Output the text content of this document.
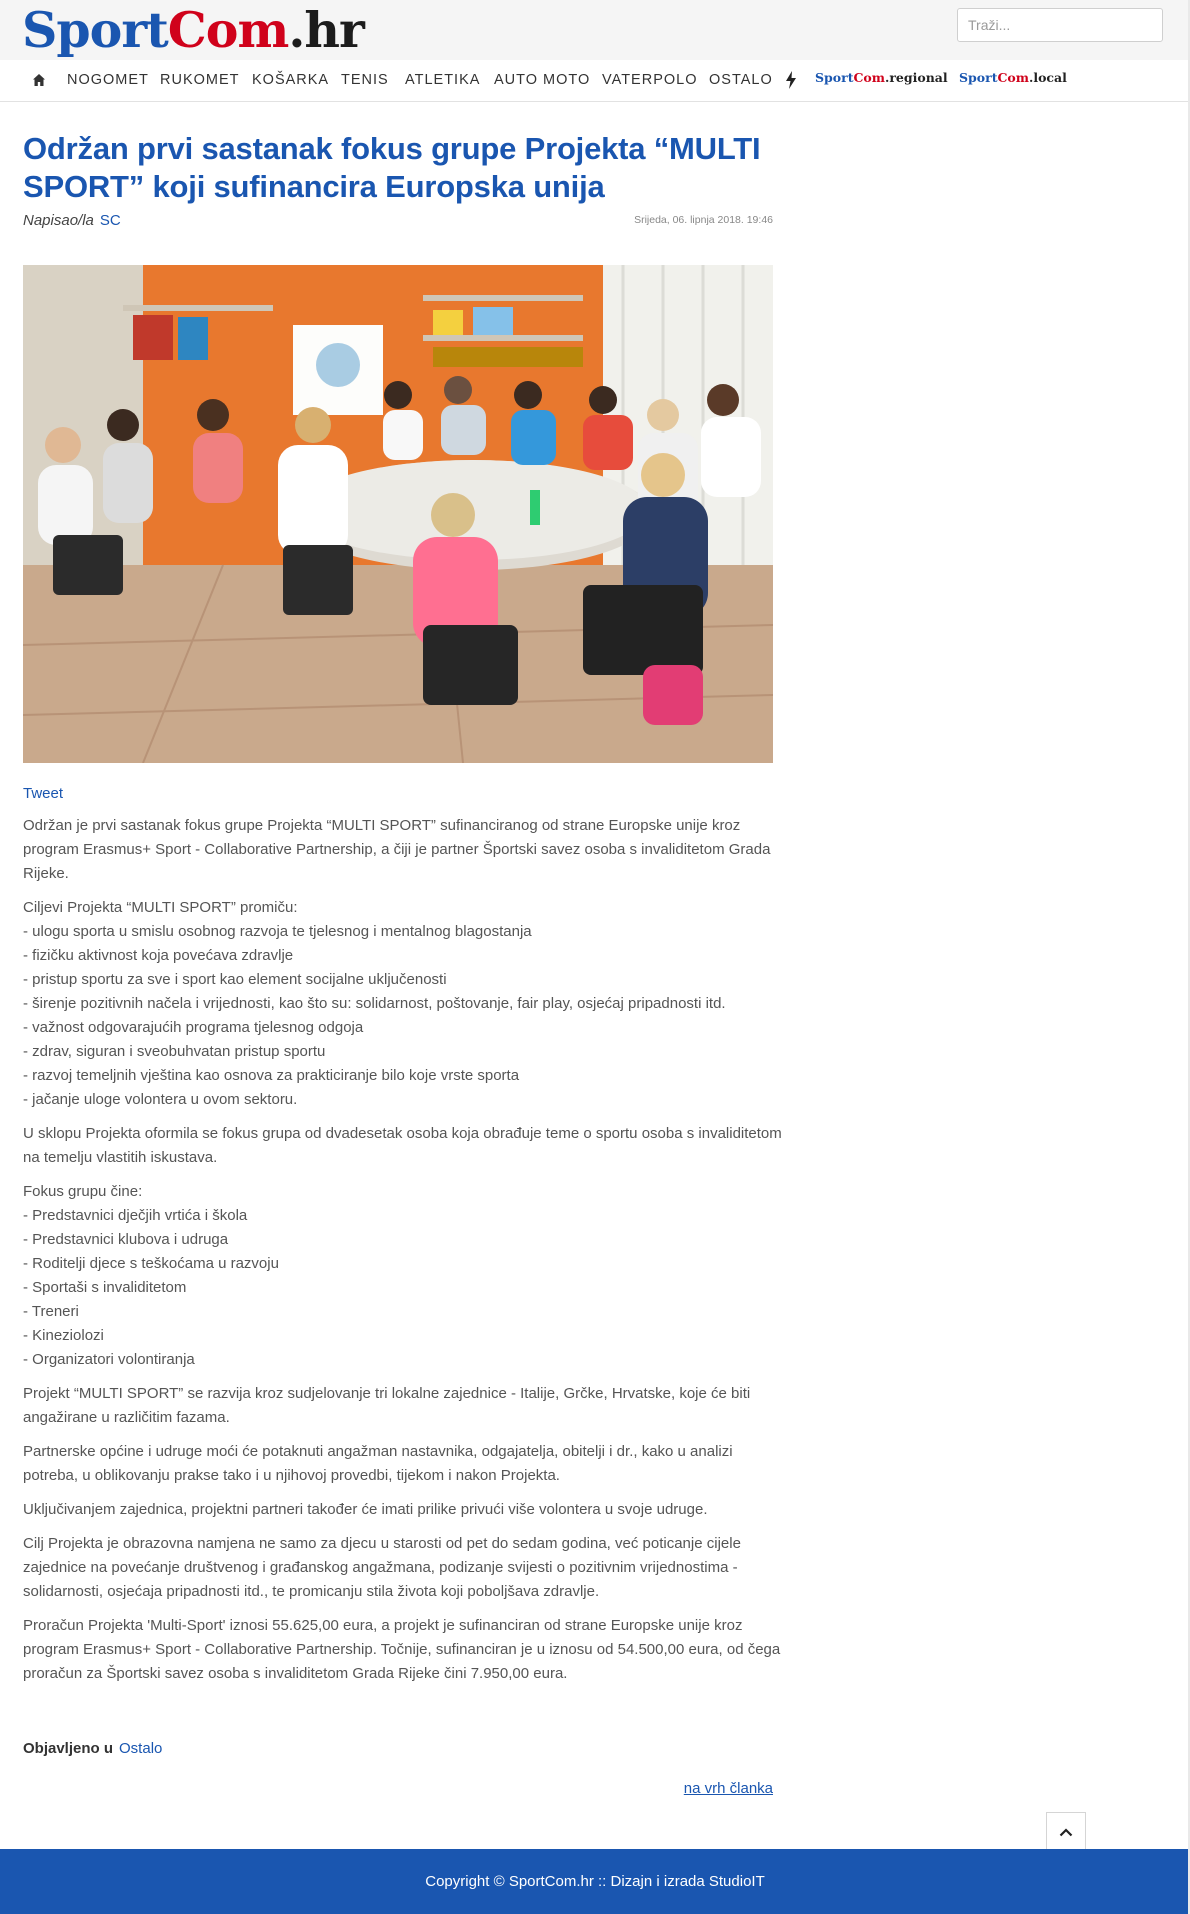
SportCom.hr
Traži...
NOGOMET RUKOMET KOŠARKA TENIS ATLETIKA AUTO MOTO VATERPOLO OSTALO	SportCom.regional SportCom.local
Održan prvi sastanak fokus grupe Projekta “MULTI SPORT” koji sufinancira Europska unija
Napisao/la SC	Srijeda, 06. lipnja 2018. 19:46
Tweet

Održan je prvi sastanak fokus grupe Projekta “MULTI SPORT” sufinanciranog od strane Europske unije kroz program Erasmus+ Sport - Collaborative Partnership, a čiji je partner Športski savez osoba s invaliditetom Grada Rijeke.

Ciljevi Projekta “MULTI SPORT” promiču:
- ulogu sporta u smislu osobnog razvoja te tjelesnog i mentalnog blagostanja
- fizičku aktivnost koja povećava zdravlje
- pristup sportu za sve i sport kao element socijalne uključenosti
- širenje pozitivnih načela i vrijednosti, kao što su: solidarnost, poštovanje, fair play, osjećaj pripadnosti itd.
- važnost odgovarajućih programa tjelesnog odgoja
- zdrav, siguran i sveobuhvatan pristup sportu
- razvoj temeljnih vještina kao osnova za prakticiranje bilo koje vrste sporta
- jačanje uloge volontera u ovom sektoru.

U sklopu Projekta oformila se fokus grupa od dvadesetak osoba koja obrađuje teme o sportu osoba s invaliditetom na temelju vlastitih iskustava.

Fokus grupu čine:
- Predstavnici dječjih vrtića i škola
- Predstavnici klubova i udruga
- Roditelji djece s teškoćama u razvoju
- Sportaši s invaliditetom
- Treneri
- Kineziolozi
- Organizatori volontiranja

Projekt “MULTI SPORT” se razvija kroz sudjelovanje tri lokalne zajednice - Italije, Grčke, Hrvatske, koje će biti angažirane u različitim fazama.

Partnerske općine i udruge moći će potaknuti angažman nastavnika, odgajatelja, obitelji i dr., kako u analizi potreba, u oblikovanju prakse tako i u njihovoj provedbi, tijekom i nakon Projekta.

Uključivanjem zajednica, projektni partneri također će imati prilike privući više volontera u svoje udruge.

Cilj Projekta je obrazovna namjena ne samo za djecu u starosti od pet do sedam godina, već poticanje cijele zajednice na povećanje društvenog i građanskog angažmana, podizanje svijesti o pozitivnim vrijednostima - solidarnosti, osjećaja pripadnosti itd., te promicanju stila života koji poboljšava zdravlje.

Proračun Projekta 'Multi-Sport' iznosi 55.625,00 eura, a projekt je sufinanciran od strane Europske unije kroz program Erasmus+ Sport - Collaborative Partnership. Točnije, sufinanciran je u iznosu od 54.500,00 eura, od čega proračun za Športski savez osoba s invaliditetom Grada Rijeke čini 7.950,00 eura.

Objavljeno u Ostalo
na vrh članka
Copyright © SportCom.hr :: Dizajn i izrada StudioIT
